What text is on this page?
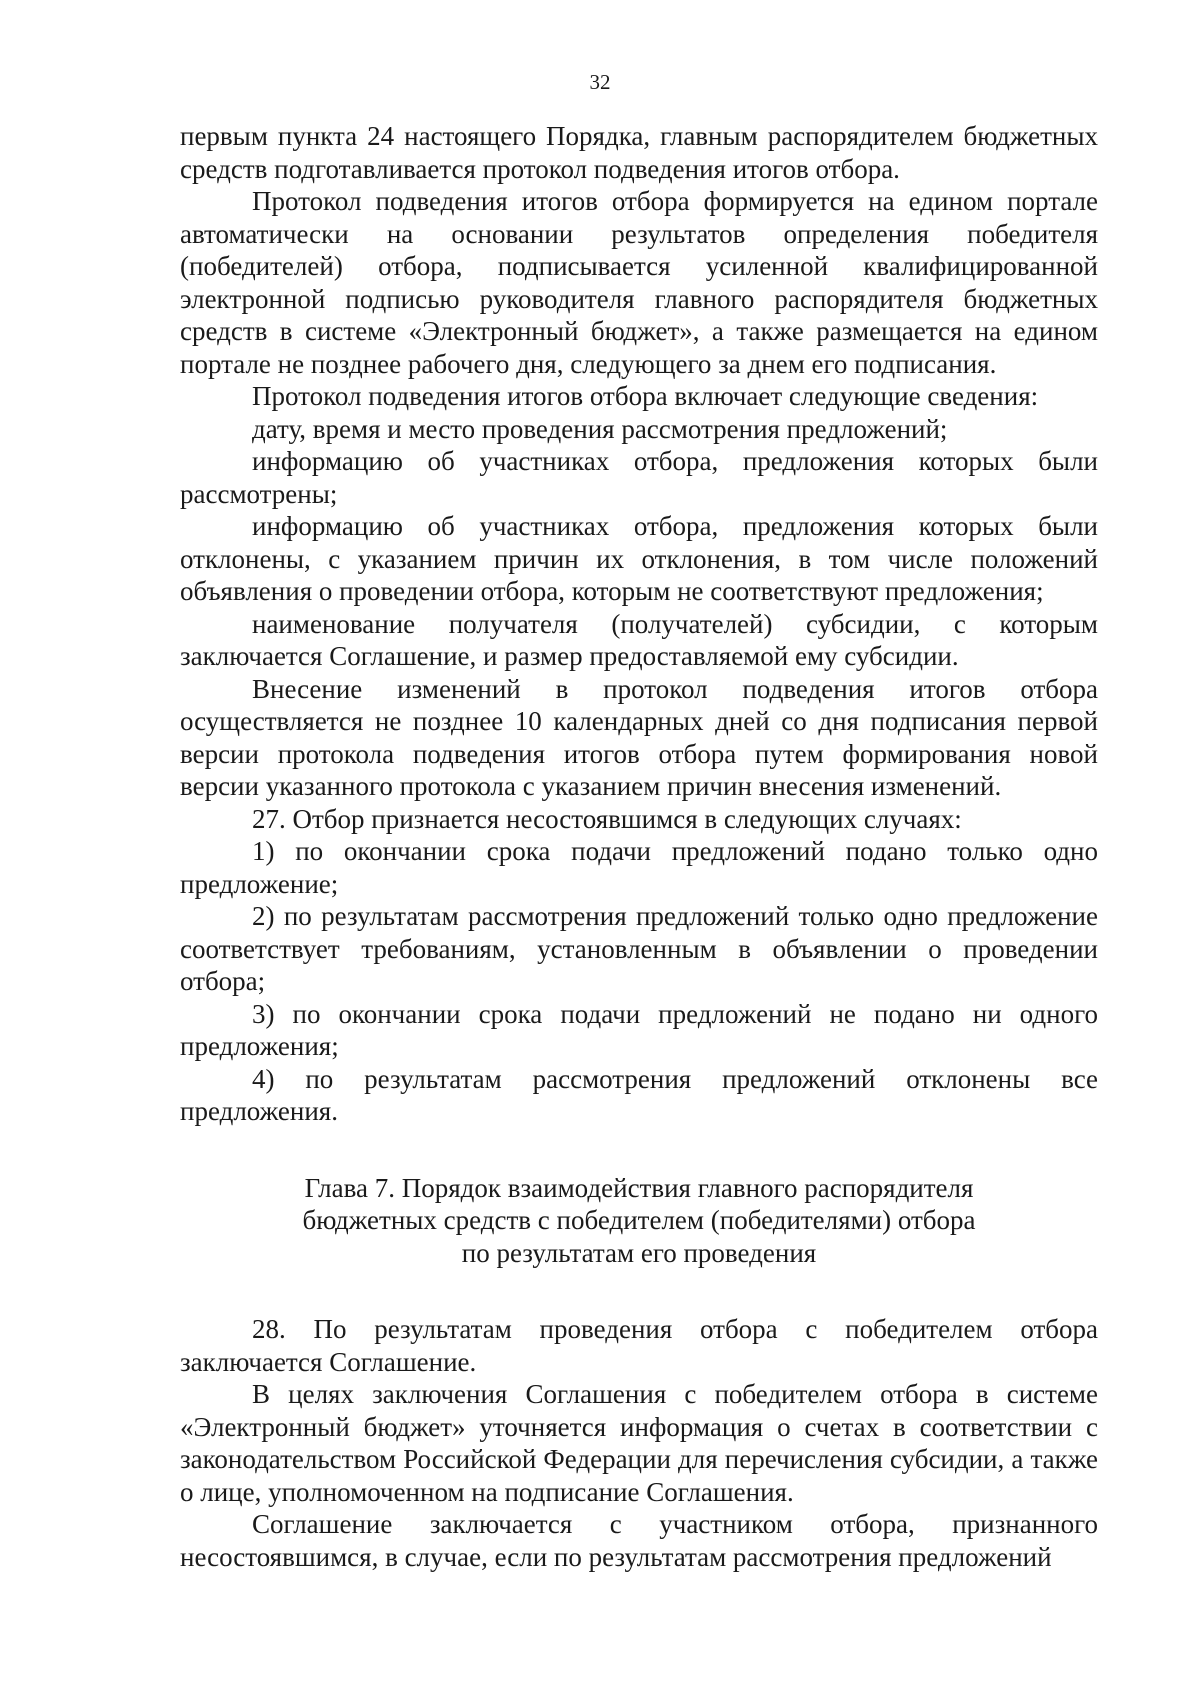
32

первым пункта 24 настоящего Порядка, главным распорядителем бюджетных средств подготавливается протокол подведения итогов отбора.

Протокол подведения итогов отбора формируется на едином портале автоматически на основании результатов определения победителя (победителей) отбора, подписывается усиленной квалифицированной электронной подписью руководителя главного распорядителя бюджетных средств в системе «Электронный бюджет», а также размещается на едином портале не позднее рабочего дня, следующего за днем его подписания.

Протокол подведения итогов отбора включает следующие сведения:

дату, время и место проведения рассмотрения предложений;

информацию об участниках отбора, предложения которых были рассмотрены;

информацию об участниках отбора, предложения которых были отклонены, с указанием причин их отклонения, в том числе положений объявления о проведении отбора, которым не соответствуют предложения;

наименование получателя (получателей) субсидии, с которым заключается Соглашение, и размер предоставляемой ему субсидии.

Внесение изменений в протокол подведения итогов отбора осуществляется не позднее 10 календарных дней со дня подписания первой версии протокола подведения итогов отбора путем формирования новой версии указанного протокола с указанием причин внесения изменений.

27. Отбор признается несостоявшимся в следующих случаях:

1) по окончании срока подачи предложений подано только одно предложение;

2) по результатам рассмотрения предложений только одно предложение соответствует требованиям, установленным в объявлении о проведении отбора;

3) по окончании срока подачи предложений не подано ни одного предложения;

4) по результатам рассмотрения предложений отклонены все предложения.

Глава 7. Порядок взаимодействия главного распорядителя
бюджетных средств с победителем (победителями) отбора
по результатам его проведения

28. По результатам проведения отбора с победителем отбора заключается Соглашение.

В целях заключения Соглашения с победителем отбора в системе «Электронный бюджет» уточняется информация о счетах в соответствии с законодательством Российской Федерации для перечисления субсидии, а также о лице, уполномоченном на подписание Соглашения.

Соглашение заключается с участником отбора, признанного несостоявшимся, в случае, если по результатам рассмотрения предложений
